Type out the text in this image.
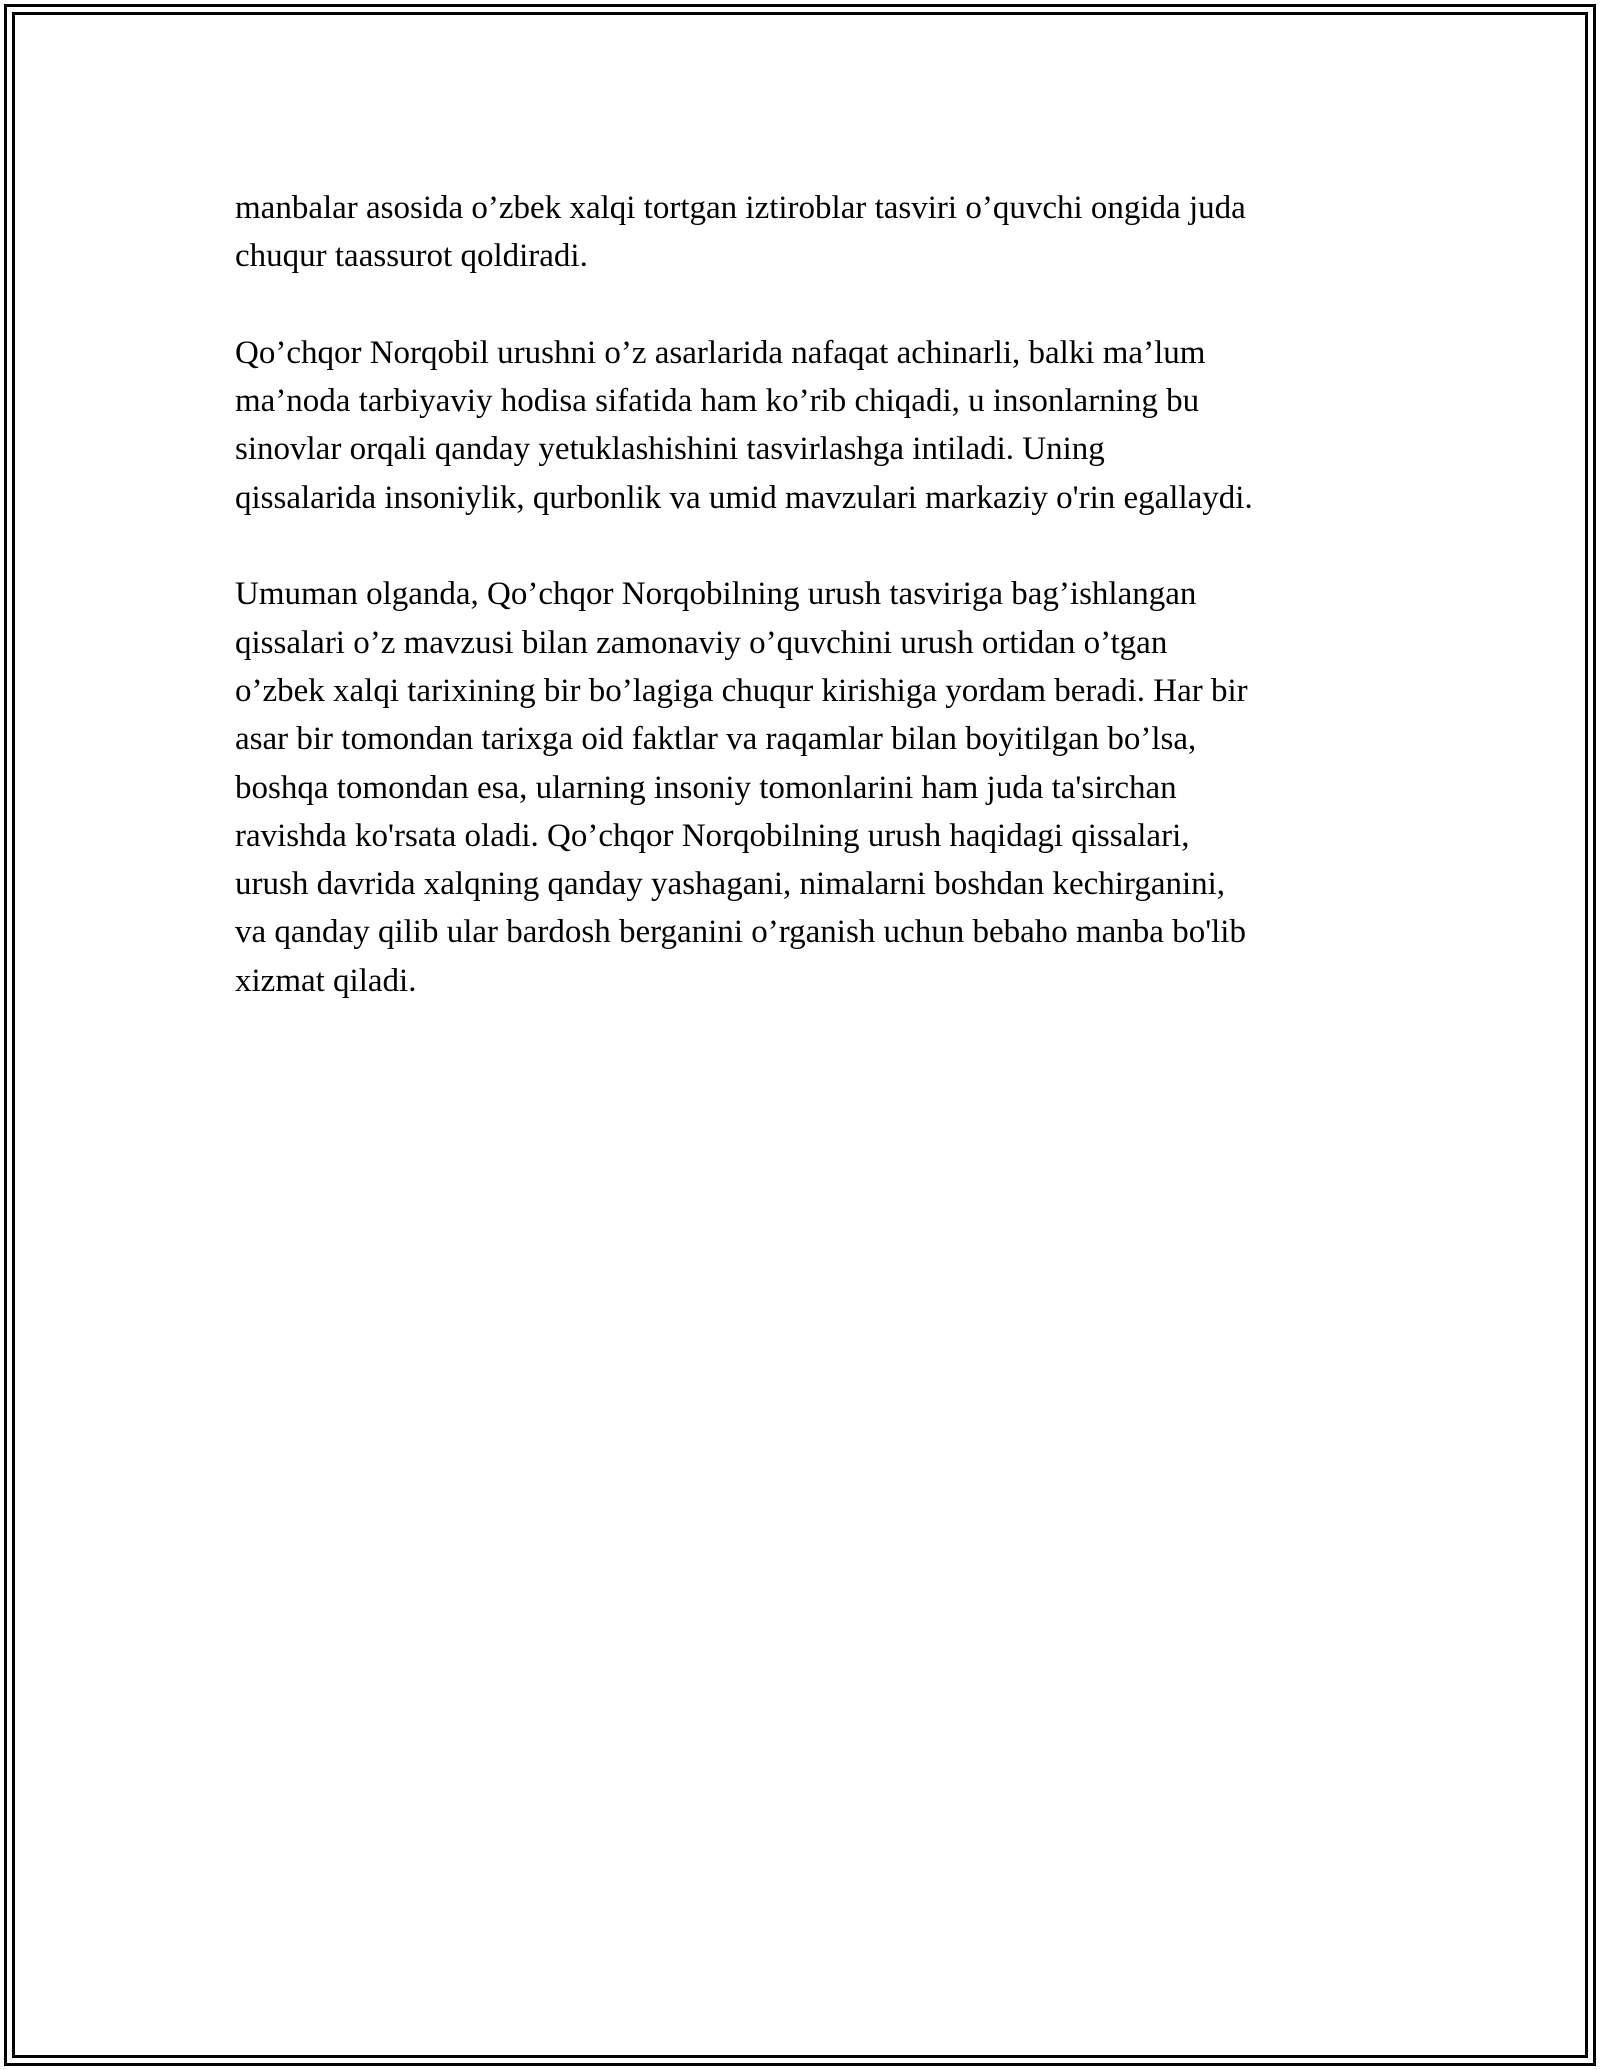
manbalar asosida o’zbek xalqi tortgan iztiroblar tasviri o’quvchi ongida juda
chuqur taassurot qoldiradi.

Qo’chqor Norqobil urushni o’z asarlarida nafaqat achinarli, balki ma’lum
ma’noda tarbiyaviy hodisa sifatida ham ko’rib chiqadi, u insonlarning bu
sinovlar orqali qanday yetuklashishini tasvirlashga intiladi. Uning
qissalarida insoniylik, qurbonlik va umid mavzulari markaziy o'rin egallaydi.

Umuman olganda, Qo’chqor Norqobilning urush tasviriga bag’ishlangan
qissalari o’z mavzusi bilan zamonaviy o’quvchini urush ortidan o’tgan
o’zbek xalqi tarixining bir bo’lagiga chuqur kirishiga yordam beradi. Har bir
asar bir tomondan tarixga oid faktlar va raqamlar bilan boyitilgan bo’lsa,
boshqa tomondan esa, ularning insoniy tomonlarini ham juda ta'sirchan
ravishda ko'rsata oladi. Qo’chqor Norqobilning urush haqidagi qissalari,
urush davrida xalqning qanday yashagani, nimalarni boshdan kechirganini,
va qanday qilib ular bardosh berganini o’rganish uchun bebaho manba bo'lib
xizmat qiladi.
